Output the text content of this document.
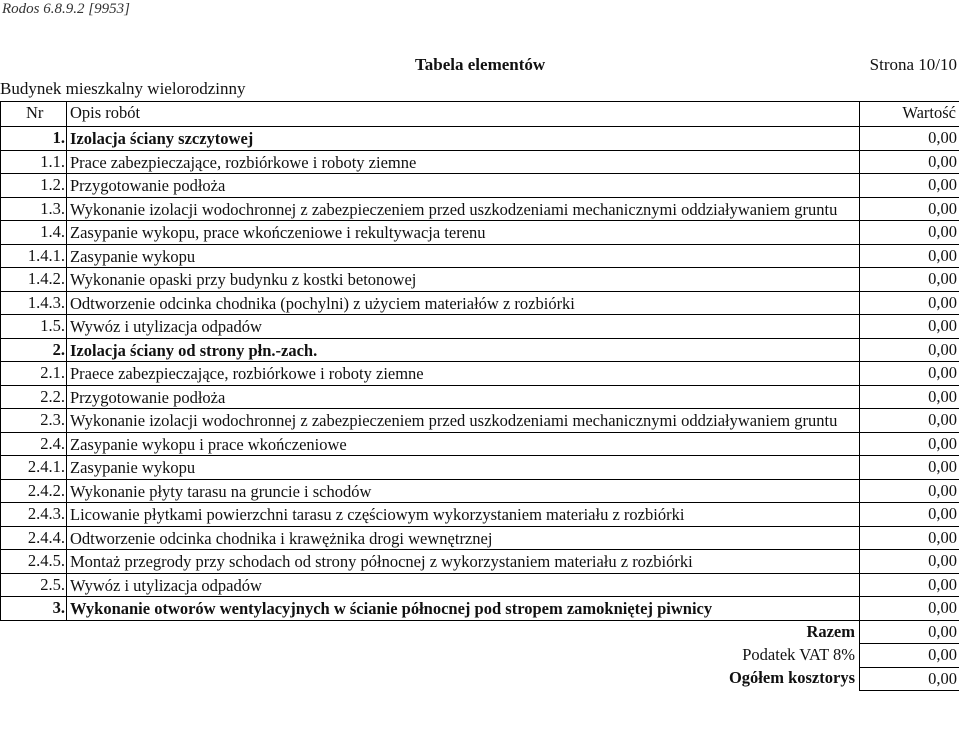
Rodos 6.8.9.2 [9953]
Tabela elementów	Strona 10/10
Budynek mieszkalny wielorodzinny
Nr	Opis robót	Wartość
1.	Izolacja ściany szczytowej	0,00
1.1.	Prace zabezpieczające, rozbiórkowe i roboty ziemne	0,00
1.2.	Przygotowanie podłoża	0,00
1.3.	Wykonanie izolacji wodochronnej z zabezpieczeniem przed uszkodzeniami mechanicznymi oddziaływaniem gruntu	0,00
1.4.	Zasypanie wykopu, prace wkończeniowe i rekultywacja terenu	0,00
1.4.1.	Zasypanie wykopu	0,00
1.4.2.	Wykonanie opaski przy budynku z kostki betonowej	0,00
1.4.3.	Odtworzenie odcinka chodnika (pochylni) z użyciem materiałów z rozbiórki	0,00
1.5.	Wywóz i utylizacja odpadów	0,00
2.	Izolacja ściany od strony płn.-zach.	0,00
2.1.	Praece zabezpieczające, rozbiórkowe i roboty ziemne	0,00
2.2.	Przygotowanie podłoża	0,00
2.3.	Wykonanie izolacji wodochronnej z zabezpieczeniem przed uszkodzeniami mechanicznymi oddziaływaniem gruntu	0,00
2.4.	Zasypanie wykopu i prace wkończeniowe	0,00
2.4.1.	Zasypanie wykopu	0,00
2.4.2.	Wykonanie płyty tarasu na gruncie i schodów	0,00
2.4.3.	Licowanie płytkami powierzchni tarasu z częściowym wykorzystaniem materiału z rozbiórki	0,00
2.4.4.	Odtworzenie odcinka chodnika i krawężnika drogi wewnętrznej	0,00
2.4.5.	Montaż przegrody przy schodach od strony północnej z wykorzystaniem materiału z rozbiórki	0,00
2.5.	Wywóz i utylizacja odpadów	0,00
3.	Wykonanie otworów wentylacyjnych w ścianie północnej pod stropem zamokniętej piwnicy	0,00
Razem		0,00
Podatek VAT 8%		0,00
Ogółem kosztorys		0,00
